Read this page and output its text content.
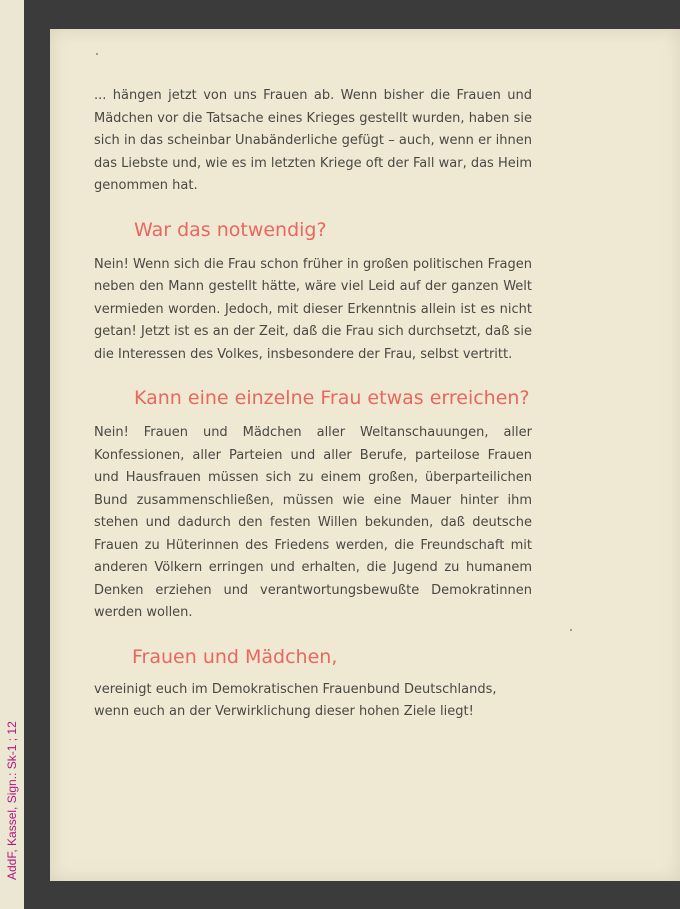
AddF, Kassel, Sign.: Sk-1 ; 12

... hängen jetzt von uns Frauen ab. Wenn bisher die Frauen und Mädchen vor die Tatsache eines Krieges gestellt wurden, haben sie sich in das scheinbar Unabänderliche gefügt – auch, wenn er ihnen das Liebste und, wie es im letzten Kriege oft der Fall war, das Heim genommen hat.

War das notwendig?

Nein! Wenn sich die Frau schon früher in großen politischen Fragen neben den Mann gestellt hätte, wäre viel Leid auf der ganzen Welt vermieden worden. Jedoch, mit dieser Erkenntnis allein ist es nicht getan! Jetzt ist es an der Zeit, daß die Frau sich durchsetzt, daß sie die Interessen des Volkes, insbesondere der Frau, selbst vertritt.

Kann eine einzelne Frau etwas erreichen?

Nein! Frauen und Mädchen aller Weltanschauungen, aller Konfessionen, aller Parteien und aller Berufe, parteilose Frauen und Hausfrauen müssen sich zu einem großen, überparteilichen Bund zusammenschließen, müssen wie eine Mauer hinter ihm stehen und dadurch den festen Willen bekunden, daß deutsche Frauen zu Hüterinnen des Friedens werden, die Freundschaft mit anderen Völkern erringen und erhalten, die Jugend zu humanem Denken erziehen und verantwortungsbewußte Demokratinnen werden wollen.

Frauen und Mädchen,

vereinigt euch im Demokratischen Frauenbund Deutschlands, wenn euch an der Verwirklichung dieser hohen Ziele liegt!
